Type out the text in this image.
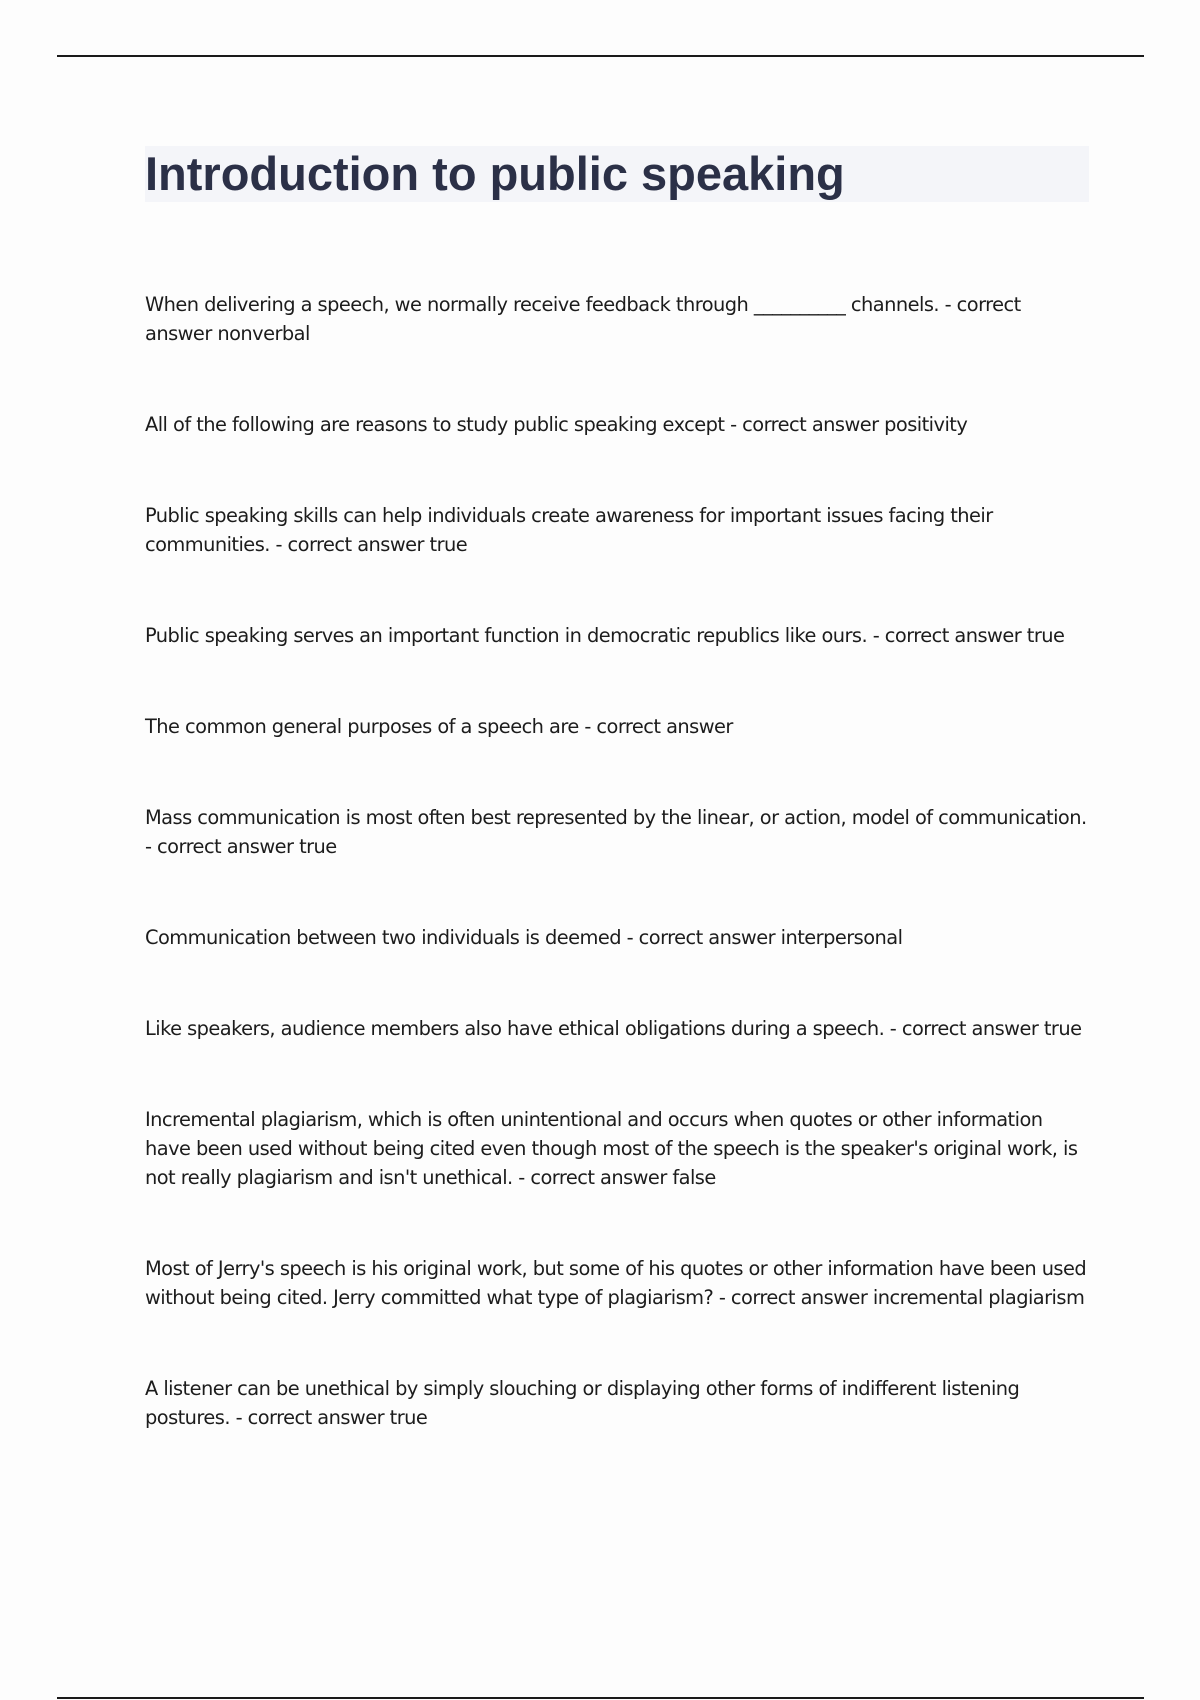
Introduction to public speaking

When delivering a speech, we normally receive feedback through __________ channels. - correct answer nonverbal

All of the following are reasons to study public speaking except - correct answer positivity

Public speaking skills can help individuals create awareness for important issues facing their communities. - correct answer true

Public speaking serves an important function in democratic republics like ours. - correct answer true

The common general purposes of a speech are - correct answer

Mass communication is most often best represented by the linear, or action, model of communication. - correct answer true

Communication between two individuals is deemed - correct answer interpersonal

Like speakers, audience members also have ethical obligations during a speech. - correct answer true

Incremental plagiarism, which is often unintentional and occurs when quotes or other information have been used without being cited even though most of the speech is the speaker's original work, is not really plagiarism and isn't unethical. - correct answer false

Most of Jerry's speech is his original work, but some of his quotes or other information have been used without being cited. Jerry committed what type of plagiarism? - correct answer incremental plagiarism

A listener can be unethical by simply slouching or displaying other forms of indifferent listening postures. - correct answer true
